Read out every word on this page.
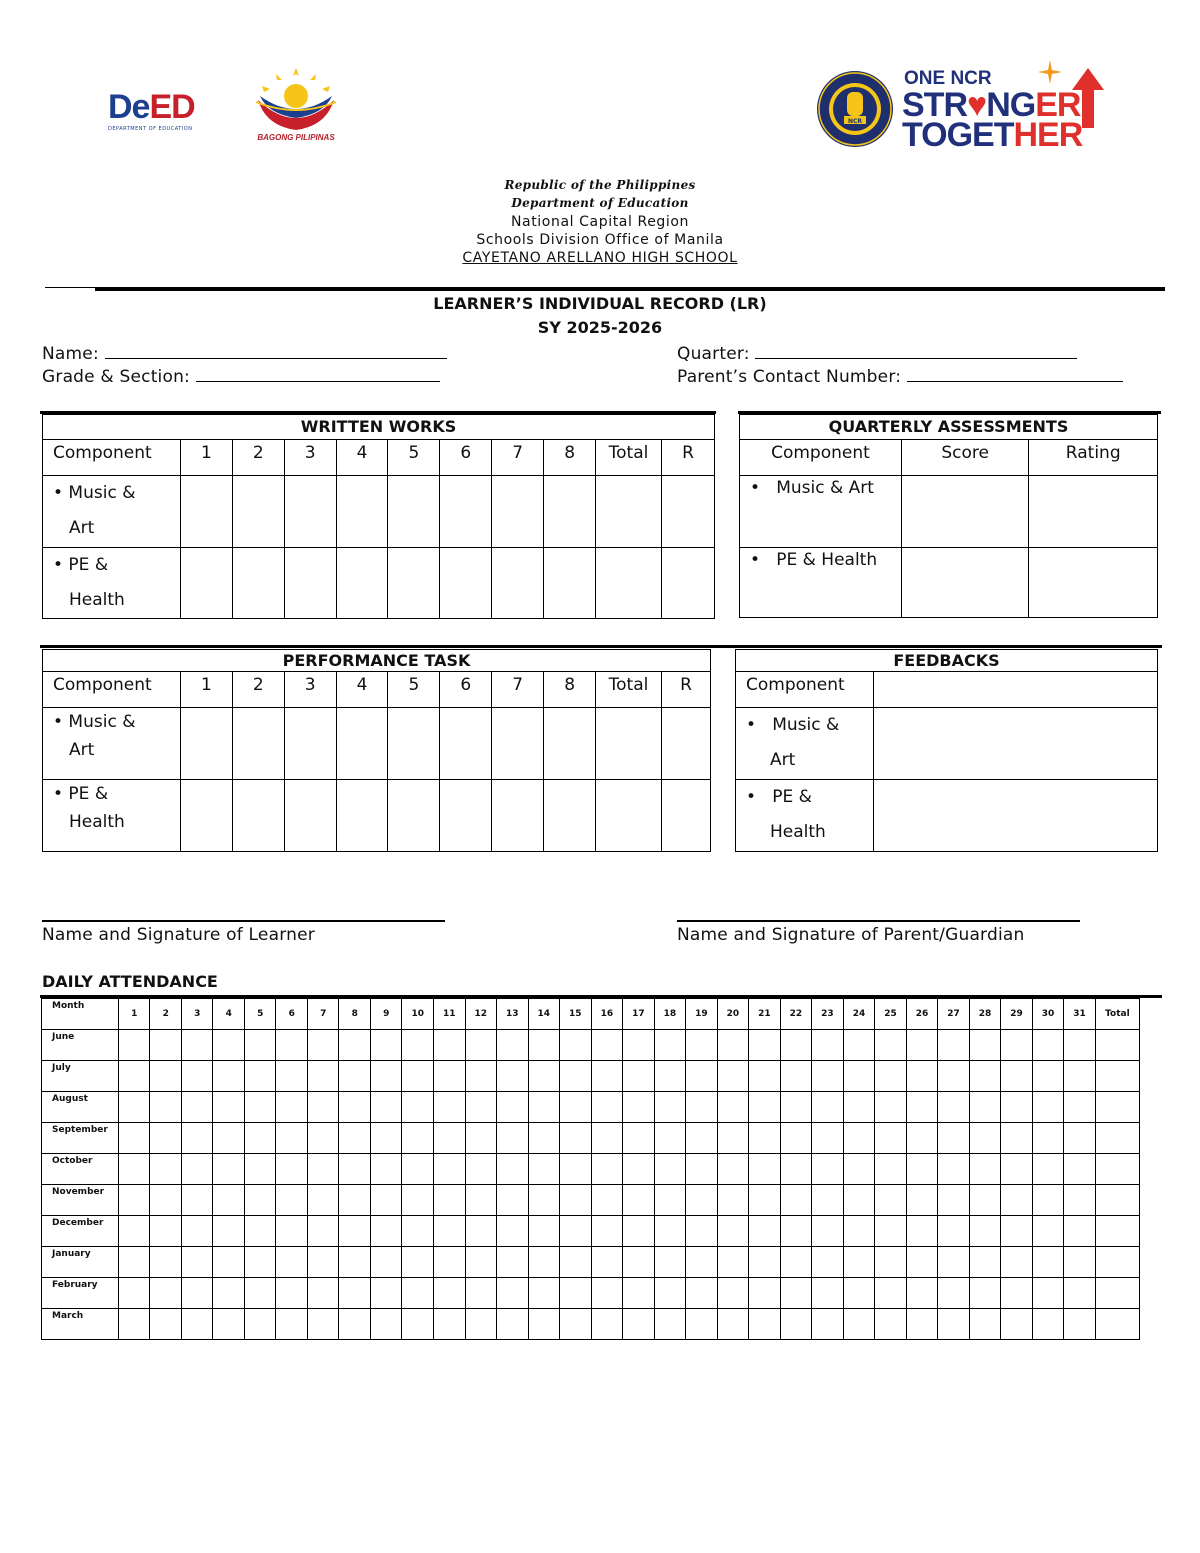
DeED
DEPARTMENT OF EDUCATION
BAGONG PILIPINAS
NCR
ONE NCR
STR♥NGER
TOGETHER
Republic of the Philippines
Department of Education
National Capital Region
Schools Division Office of Manila
CAYETANO ARELLANO HIGH SCHOOL
LEARNER’S INDIVIDUAL RECORD (LR)
SY 2025-2026
Name:
Grade & Section:
Quarter:
Parent’s Contact Number:
WRITTEN WORKS										
Component	1	2	3	4	5	6	7	8	Total	R

• Music &
Art										

• PE &
Health										

QUARTERLY ASSESSMENTS		
Component	Score	Rating
•   Music & Art		
•   PE & Health		
PERFORMANCE TASK										
Component	1	2	3	4	5	6	7	8	Total	R

• Music &
Art										

• PE &
Health										

FEEDBACKS	
Component	

•   Music &
Art	

•   PE &
Health	

Name and Signature of Learner	Name and Signature of Parent/Guardian
DAILY ATTENDANCE
Month	1	2	3	4	5	6	7	8	9	10	11	12	13	14	15	16	17	18	19	20	21	22	23	24	25	26	27	28	29	30	31	Total
June																																
July																																
August																																
September																																
October																																
November																																
December																																
January																																
February																																
March																																
